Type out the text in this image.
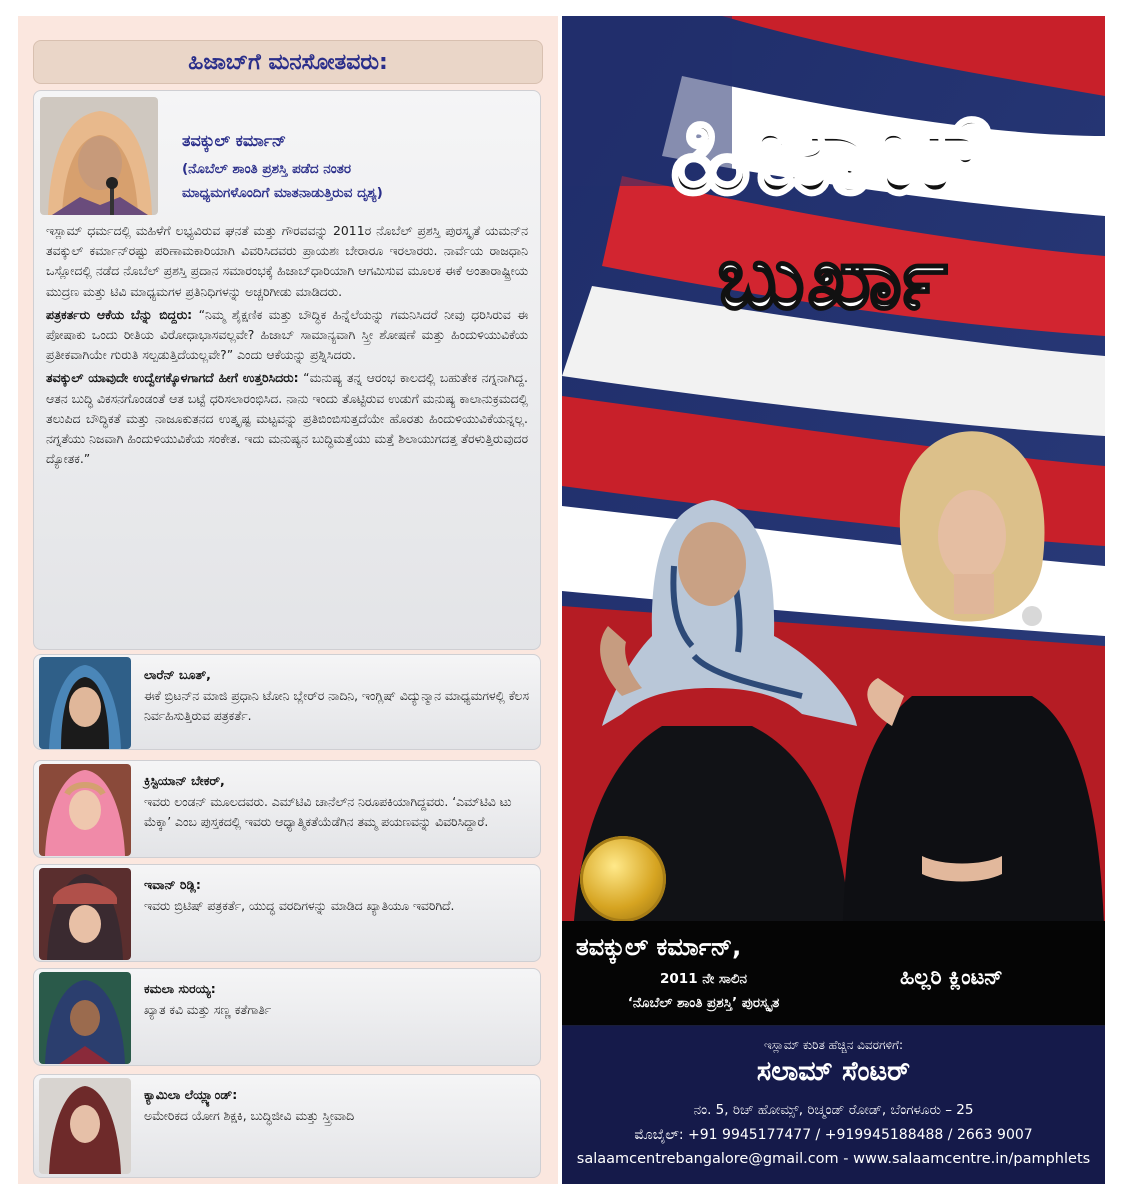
ಹಿಜಾಬ್‌ಗೆ ಮನಸೋತವರು:
ತವಕ್ಕುಲ್ ಕರ್ಮಾನ್
(ನೊಬೆಲ್ ಶಾಂತಿ ಪ್ರಶಸ್ತಿ ಪಡೆದ ನಂತರ
ಮಾಧ್ಯಮಗಳೊಂದಿಗೆ ಮಾತನಾಡುತ್ತಿರುವ ದೃಶ್ಯ)

ಇಸ್ಲಾಮ್ ಧರ್ಮದಲ್ಲಿ ಮಹಿಳೆಗೆ ಲಭ್ಯವಿರುವ ಘನತೆ ಮತ್ತು ಗೌರವವನ್ನು 2011ರ ನೊಬೆಲ್ ಪ್ರಶಸ್ತಿ ಪುರಸ್ಕೃತೆ ಯಮನ್‌ನ ತವಕ್ಕುಲ್ ಕರ್ಮಾನ್‌ರಷ್ಟು ಪರಿಣಾಮಕಾರಿಯಾಗಿ ವಿವರಿಸಿದವರು ಪ್ರಾಯಶಃ ಬೇರಾರೂ ಇರಲಾರರು. ನಾರ್ವೆಯ ರಾಜಧಾನಿ ಒಸ್ಲೋದಲ್ಲಿ ನಡೆದ ನೊಬೆಲ್ ಪ್ರಶಸ್ತಿ ಪ್ರದಾನ ಸಮಾರಂಭಕ್ಕೆ ಹಿಜಾಬ್‌ಧಾರಿಯಾಗಿ ಆಗಮಿಸುವ ಮೂಲಕ ಈಕೆ ಅಂತಾರಾಷ್ಟ್ರೀಯ ಮುದ್ರಣ ಮತ್ತು ಟಿವಿ ಮಾಧ್ಯಮಗಳ ಪ್ರತಿನಿಧಿಗಳನ್ನು ಅಚ್ಚರಿಗೀಡು ಮಾಡಿದರು.

ಪತ್ರಕರ್ತರು ಆಕೆಯ ಬೆನ್ನು ಬಿದ್ದರು: “ನಿಮ್ಮ ಶೈಕ್ಷಣಿಕ ಮತ್ತು ಬೌದ್ಧಿಕ ಹಿನ್ನೆಲೆಯನ್ನು ಗಮನಿಸಿದರೆ ನೀವು ಧರಿಸಿರುವ ಈ ಪೋಷಾಕು ಒಂದು ರೀತಿಯ ವಿರೋಧಾಭಾಸವಲ್ಲವೇ? ಹಿಜಾಬ್ ಸಾಮಾನ್ಯವಾಗಿ ಸ್ತ್ರೀ ಶೋಷಣೆ ಮತ್ತು ಹಿಂದುಳಿಯುವಿಕೆಯ ಪ್ರತೀಕವಾಗಿಯೇ ಗುರುತಿ ಸಲ್ಪಡುತ್ತಿದೆಯಲ್ಲವೇ?” ಎಂದು ಆಕೆಯನ್ನು ಪ್ರಶ್ನಿಸಿದರು.

ತವಕ್ಕುಲ್ ಯಾವುದೇ ಉದ್ವೇಗಕ್ಕೊಳಗಾಗದೆ ಹೀಗೆ ಉತ್ತರಿಸಿದರು: “ಮನುಷ್ಯ ತನ್ನ ಆರಂಭ ಕಾಲದಲ್ಲಿ ಬಹುತೇಕ ನಗ್ನನಾಗಿದ್ದ. ಆತನ ಬುದ್ಧಿ ವಿಕಸನಗೊಂಡಂತೆ ಆತ ಬಟ್ಟೆ ಧರಿಸಲಾರಂಭಿಸಿದ. ನಾನು ಇಂದು ತೊಟ್ಟಿರುವ ಉಡುಗೆ ಮನುಷ್ಯ ಕಾಲಾನುಕ್ರಮದಲ್ಲಿ ತಲುಪಿದ ಬೌದ್ಧಿಕತೆ ಮತ್ತು ನಾಜೂಕುತನದ ಉತ್ಕೃಷ್ಟ ಮಟ್ಟವನ್ನು ಪ್ರತಿಬಿಂಬಿಸುತ್ತದೆಯೇ ಹೊರತು ಹಿಂದುಳಿಯುವಿಕೆಯನ್ನಲ್ಲ. ನಗ್ನತೆಯು ನಿಜವಾಗಿ ಹಿಂದುಳಿಯುವಿಕೆಯ ಸಂಕೇತ. ಇದು ಮನುಷ್ಯನ ಬುದ್ಧಿಮತ್ತೆಯು ಮತ್ತೆ ಶಿಲಾಯುಗದತ್ತ ತೆರಳುತ್ತಿರುವುದರ ದ್ಯೋತಕ.”

ಲಾರೆನ್ ಬೂತ್,
ಈಕೆ ಬ್ರಿಟನ್‌ನ ಮಾಜಿ ಪ್ರಧಾನಿ ಟೋನಿ ಬ್ಲೇರ್‌ರ ನಾದಿನಿ, ಇಂಗ್ಲಿಷ್ ವಿದ್ಯುನ್ಮಾನ ಮಾಧ್ಯಮಗಳಲ್ಲಿ ಕೆಲಸ ನಿರ್ವಹಿಸುತ್ತಿರುವ ಪತ್ರಕರ್ತೆ.
ಕ್ರಿಸ್ಟಿಯಾನ್ ಬೇಕರ್,
ಇವರು ಲಂಡನ್ ಮೂಲದವರು. ಎಮ್‌ಟಿವಿ ಚಾನೆಲ್‌ನ ನಿರೂಪಕಿಯಾಗಿದ್ದವರು. ‘ಎಮ್‌ಟಿವಿ ಟು ಮೆಕ್ಕಾ’ ಎಂಬ ಪುಸ್ತಕದಲ್ಲಿ ಇವರು ಆಧ್ಯಾತ್ಮಿಕತೆಯೆಡೆಗಿನ ತಮ್ಮ ಪಯಣವನ್ನು ವಿವರಿಸಿದ್ದಾರೆ.
ಇವಾನ್ ರಿಡ್ಲಿ:
ಇವರು ಬ್ರಿಟಿಷ್ ಪತ್ರಕರ್ತೆ, ಯುದ್ಧ ವರದಿಗಳನ್ನು ಮಾಡಿದ ಖ್ಯಾತಿಯೂ ಇವರಿಗಿದೆ.
ಕಮಲಾ ಸುರಯ್ಯ:
ಖ್ಯಾತ ಕವಿ ಮತ್ತು ಸಣ್ಣ ಕತೆಗಾರ್ತಿ
ಕ್ಯಾಮಿಲಾ ಲೆಯ್ಲ್ಯಾಂಡ್:
ಅಮೇರಿಕದ ಯೋಗ ಶಿಕ್ಷಕಿ, ಬುದ್ಧಿಜೀವಿ ಮತ್ತು ಸ್ತ್ರೀವಾದಿ
ಹಿಜಾಬ್
ಬುರ್ಖಾ
ತವಕ್ಕುಲ್ ಕರ್ಮಾನ್,
2011 ನೇ ಸಾಲಿನ
‘ನೊಬೆಲ್ ಶಾಂತಿ ಪ್ರಶಸ್ತಿ’ ಪುರಸ್ಕೃತ
ಹಿಲ್ಲರಿ ಕ್ಲಿಂಟನ್
ಇಸ್ಲಾಮ್ ಕುರಿತ ಹೆಚ್ಚಿನ ವಿವರಗಳಿಗೆ:
ಸಲಾಮ್ ಸೆಂಟರ್
ನಂ. 5, ರಿಚ್ ಹೋಮ್ಸ್, ರಿಚ್ಮಂಡ್ ರೋಡ್, ಬೆಂಗಳೂರು – 25
ಮೊಬೈಲ್: +91 9945177477 / +919945188488 / 2663 9007
salaamcentrebangalore@gmail.com - www.salaamcentre.in/pamphlets
